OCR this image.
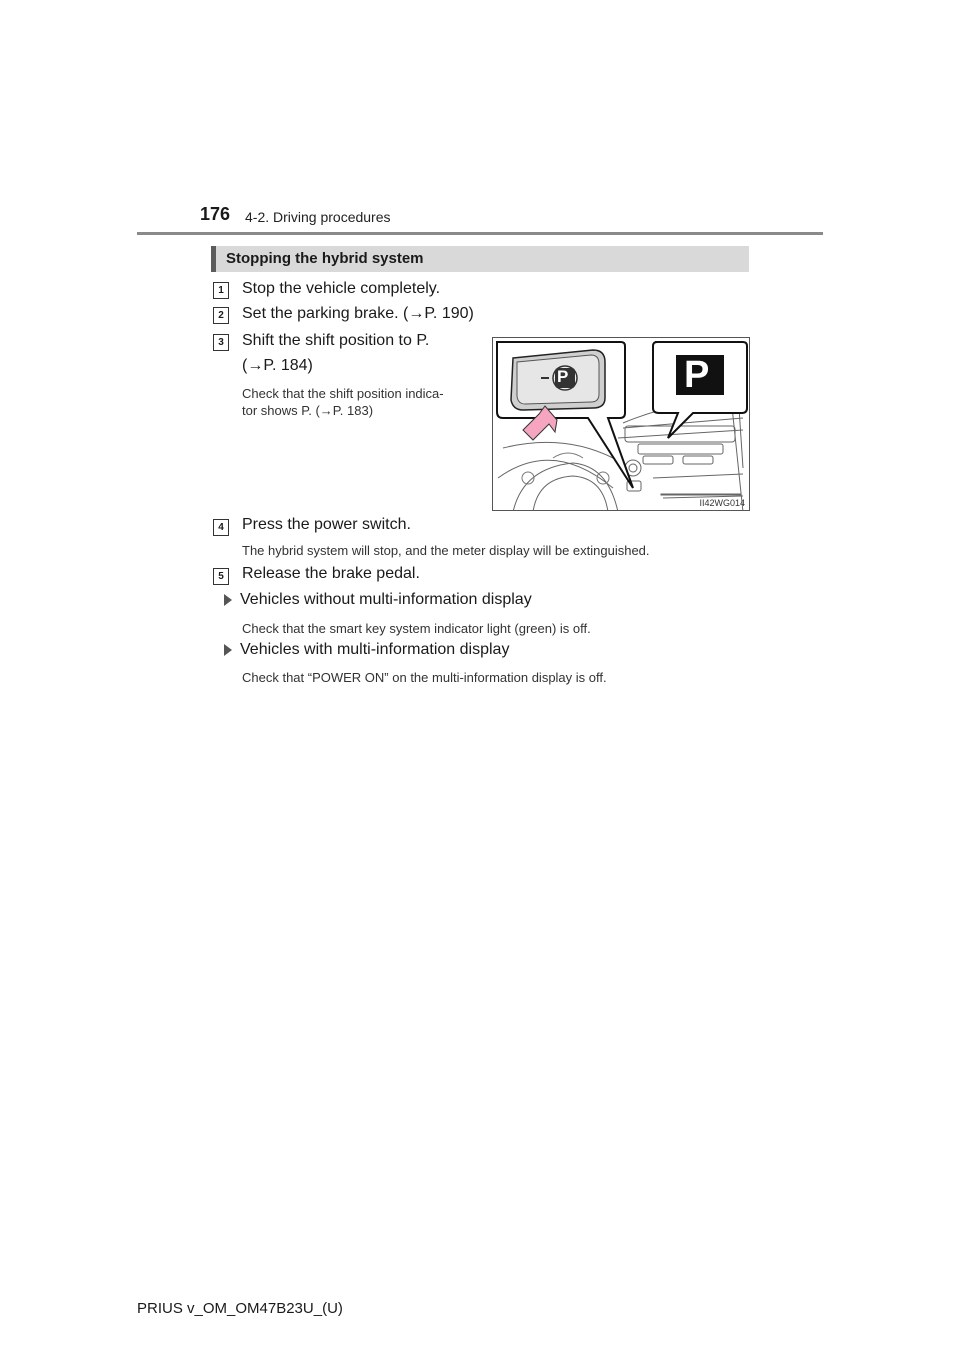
176 4-2. Driving procedures
Stopping the hybrid system
1	Stop the vehicle completely.
2	Set the parking brake. (→P. 190)
3	Shift the shift position to P.
(→P. 184)
Check that the shift position indica-
tor shows P. (→P. 183)
P	P
II42WG014
4	Press the power switch.
The hybrid system will stop, and the meter display will be extinguished.
5	Release the brake pedal.
Vehicles without multi-information display
Check that the smart key system indicator light (green) is off.
Vehicles with multi-information display
Check that “POWER ON” on the multi-information display is off.
PRIUS v_OM_OM47B23U_(U)
